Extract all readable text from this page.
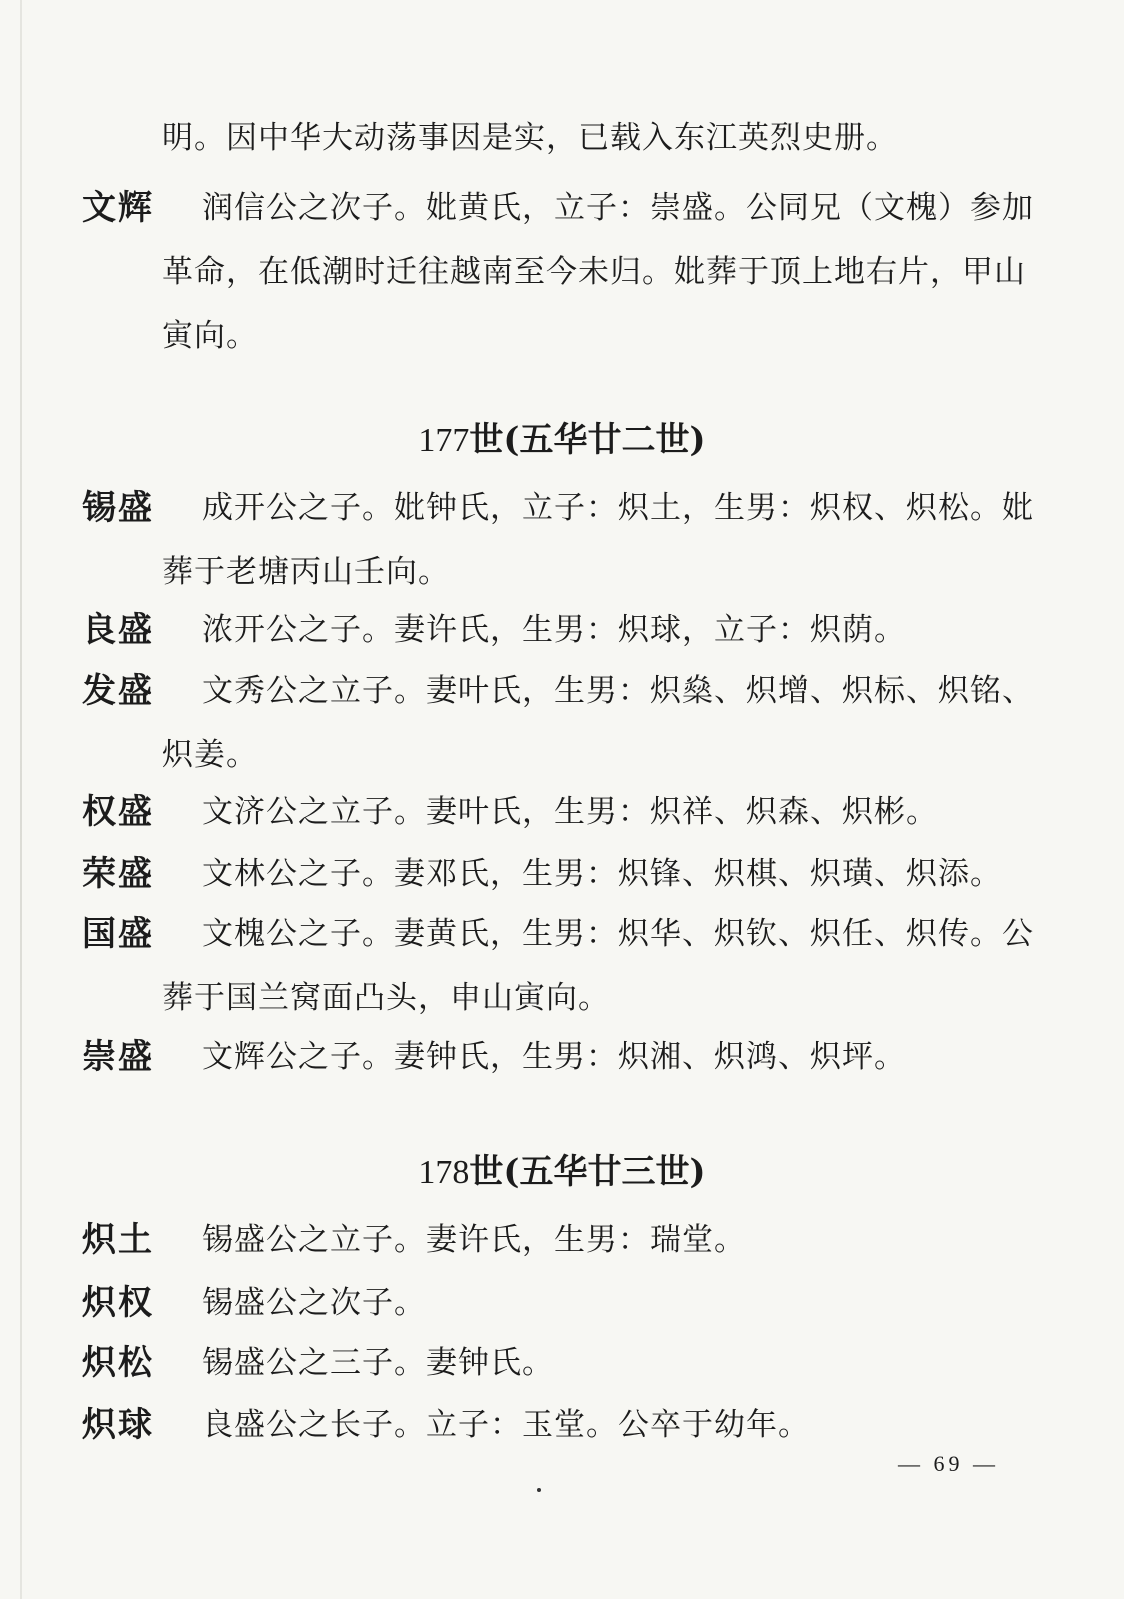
明。因中华大动荡事因是实，已载入东江英烈史册。
文辉	润信公之次子。妣黄氏，立子：崇盛。公同兄（文槐）参加革命，在低潮时迁往越南至今未归。妣葬于顶上地右片，甲山寅向。
177世(五华廿二世)
锡盛	成开公之子。妣钟氏，立子：炽土，生男：炽权、炽松。妣葬于老塘丙山壬向。
良盛	浓开公之子。妻许氏，生男：炽球，立子：炽荫。
发盛	文秀公之立子。妻叶氏，生男：炽燊、炽增、炽标、炽铭、炽姜。
权盛	文济公之立子。妻叶氏，生男：炽祥、炽森、炽彬。
荣盛	文林公之子。妻邓氏，生男：炽锋、炽棋、炽璜、炽添。
国盛	文槐公之子。妻黄氏，生男：炽华、炽钦、炽任、炽传。公葬于国兰窝面凸头，申山寅向。
崇盛	文辉公之子。妻钟氏，生男：炽湘、炽鸿、炽坪。
178世(五华廿三世)
炽土	锡盛公之立子。妻许氏，生男：瑞堂。
炽权	锡盛公之次子。
炽松	锡盛公之三子。妻钟氏。
炽球	良盛公之长子。立子：玉堂。公卒于幼年。
— 69 —
